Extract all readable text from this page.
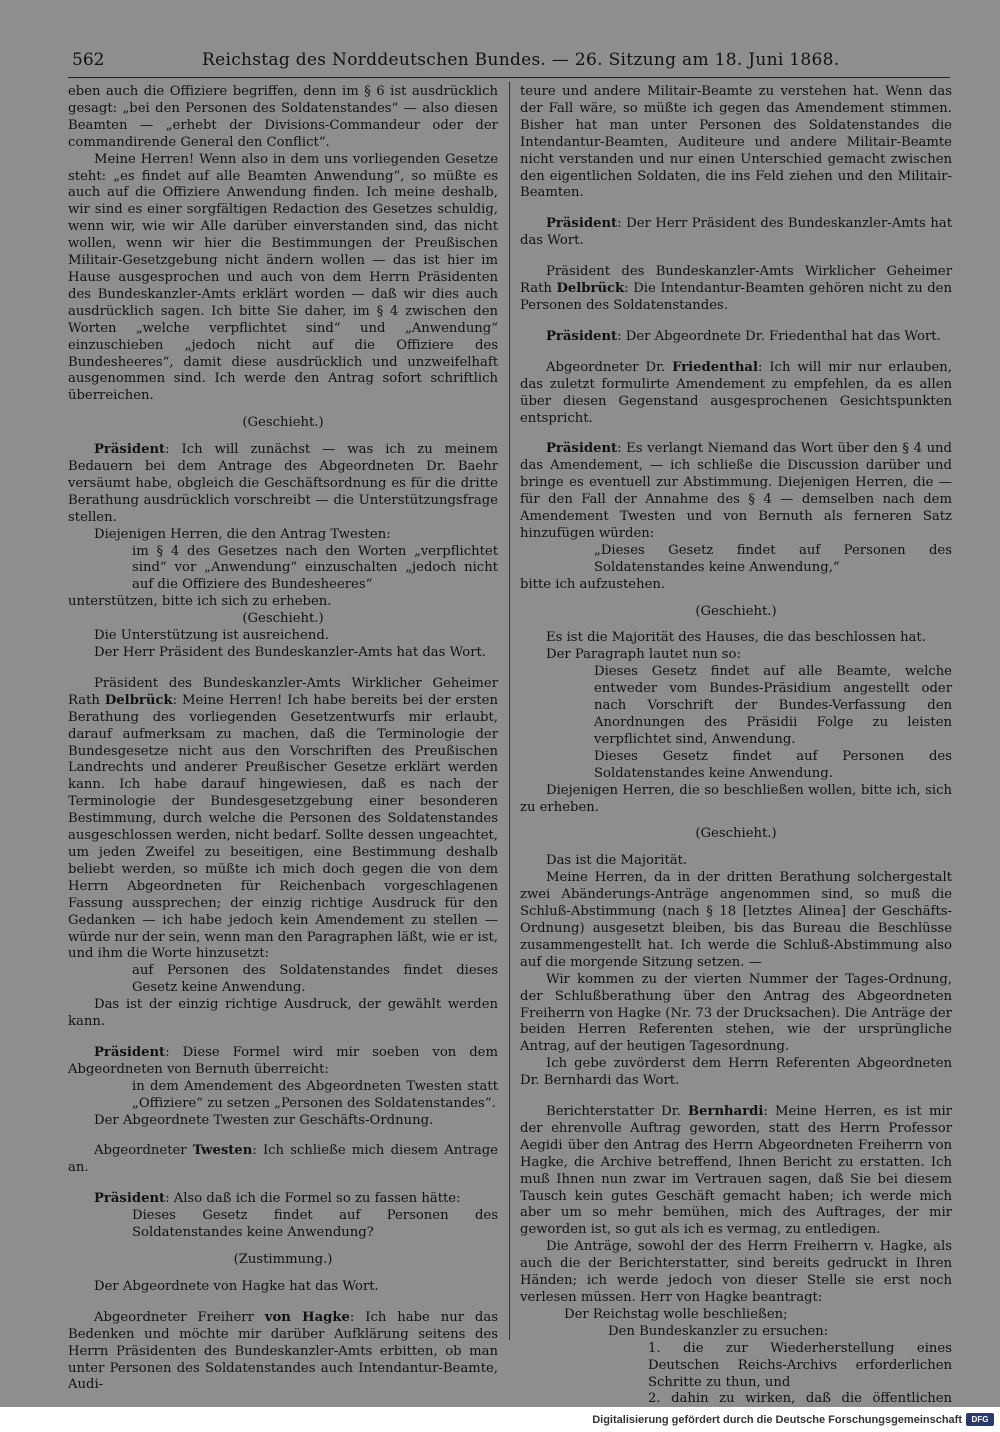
562	Reichstag des Norddeutschen Bundes. — 26. Sitzung am 18. Juni 1868.

eben auch die Offiziere begriffen, denn im § 6 ist ausdrücklich gesagt: „bei den Personen des Soldatenstandes“ — also diesen Beamten — „erhebt der Divisions-Commandeur oder der commandirende General den Conflict“.

Meine Herren! Wenn also in dem uns vorliegenden Gesetze steht: „es findet auf alle Beamten Anwendung“, so müßte es auch auf die Offiziere Anwendung finden. Ich meine deshalb, wir sind es einer sorgfältigen Redaction des Gesetzes schuldig, wenn wir, wie wir Alle darüber einverstanden sind, das nicht wollen, wenn wir hier die Bestimmungen der Preußischen Militair-Gesetzgebung nicht ändern wollen — das ist hier im Hause ausgesprochen und auch von dem Herrn Präsidenten des Bundeskanzler-Amts erklärt worden — daß wir dies auch ausdrücklich sagen. Ich bitte Sie daher, im § 4 zwischen den Worten „welche verpflichtet sind“ und „Anwendung“ einzuschieben „jedoch nicht auf die Offiziere des Bundesheeres“, damit diese ausdrücklich und unzweifelhaft ausgenommen sind. Ich werde den Antrag sofort schriftlich überreichen.

(Geschieht.)

Präsident: Ich will zunächst — was ich zu meinem Bedauern bei dem Antrage des Abgeordneten Dr. Baehr versäumt habe, obgleich die Geschäftsordnung es für die dritte Berathung ausdrücklich vorschreibt — die Unterstützungsfrage stellen.

Diejenigen Herren, die den Antrag Twesten:

im § 4 des Gesetzes nach den Worten „verpflichtet sind“ vor „Anwendung“ einzuschalten „jedoch nicht auf die Offiziere des Bundesheeres“

unterstützen, bitte ich sich zu erheben.

(Geschieht.)

Die Unterstützung ist ausreichend.

Der Herr Präsident des Bundeskanzler-Amts hat das Wort.

Präsident des Bundeskanzler-Amts Wirklicher Geheimer Rath Delbrück: Meine Herren! Ich habe bereits bei der ersten Berathung des vorliegenden Gesetzentwurfs mir erlaubt, darauf aufmerksam zu machen, daß die Terminologie der Bundesgesetze nicht aus den Vorschriften des Preußischen Landrechts und anderer Preußischer Gesetze erklärt werden kann. Ich habe darauf hingewiesen, daß es nach der Terminologie der Bundesgesetzgebung einer besonderen Bestimmung, durch welche die Personen des Soldatenstandes ausgeschlossen werden, nicht bedarf. Sollte dessen ungeachtet, um jeden Zweifel zu beseitigen, eine Bestimmung deshalb beliebt werden, so müßte ich mich doch gegen die von dem Herrn Abgeordneten für Reichenbach vorgeschlagenen Fassung aussprechen; der einzig richtige Ausdruck für den Gedanken — ich habe jedoch kein Amendement zu stellen — würde nur der sein, wenn man den Paragraphen läßt, wie er ist, und ihm die Worte hinzusetzt:

auf Personen des Soldatenstandes findet dieses Gesetz keine Anwendung.

Das ist der einzig richtige Ausdruck, der gewählt werden kann.

Präsident: Diese Formel wird mir soeben von dem Abgeordneten von Bernuth überreicht:

in dem Amendement des Abgeordneten Twesten statt „Offiziere“ zu setzen „Personen des Soldatenstandes“.

Der Abgeordnete Twesten zur Geschäfts-Ordnung.

Abgeordneter Twesten: Ich schließe mich diesem Antrage an.

Präsident: Also daß ich die Formel so zu fassen hätte:

Dieses Gesetz findet auf Personen des Soldatenstandes keine Anwendung?

(Zustimmung.)

Der Abgeordnete von Hagke hat das Wort.

Abgeordneter Freiherr von Hagke: Ich habe nur das Bedenken und möchte mir darüber Aufklärung seitens des Herrn Präsidenten des Bundeskanzler-Amts erbitten, ob man unter Personen des Soldatenstandes auch Intendantur-Beamte, Audi-

teure und andere Militair-Beamte zu verstehen hat. Wenn das der Fall wäre, so müßte ich gegen das Amendement stimmen. Bisher hat man unter Personen des Soldatenstandes die Intendantur-Beamten, Auditeure und andere Militair-Beamte nicht verstanden und nur einen Unterschied gemacht zwischen den eigentlichen Soldaten, die ins Feld ziehen und den Militair-Beamten.

Präsident: Der Herr Präsident des Bundeskanzler-Amts hat das Wort.

Präsident des Bundeskanzler-Amts Wirklicher Geheimer Rath Delbrück: Die Intendantur-Beamten gehören nicht zu den Personen des Soldatenstandes.

Präsident: Der Abgeordnete Dr. Friedenthal hat das Wort.

Abgeordneter Dr. Friedenthal: Ich will mir nur erlauben, das zuletzt formulirte Amendement zu empfehlen, da es allen über diesen Gegenstand ausgesprochenen Gesichtspunkten entspricht.

Präsident: Es verlangt Niemand das Wort über den § 4 und das Amendement, — ich schließe die Discussion darüber und bringe es eventuell zur Abstimmung. Diejenigen Herren, die — für den Fall der Annahme des § 4 — demselben nach dem Amendement Twesten und von Bernuth als ferneren Satz hinzufügen würden:

„Dieses Gesetz findet auf Personen des Soldatenstandes keine Anwendung,“

bitte ich aufzustehen.

(Geschieht.)

Es ist die Majorität des Hauses, die das beschlossen hat.

Der Paragraph lautet nun so:

Dieses Gesetz findet auf alle Beamte, welche entweder vom Bundes-Präsidium angestellt oder nach Vorschrift der Bundes-Verfassung den Anordnungen des Präsidii Folge zu leisten verpflichtet sind, Anwendung.

Dieses Gesetz findet auf Personen des Soldatenstandes keine Anwendung.

Diejenigen Herren, die so beschließen wollen, bitte ich, sich zu erheben.

(Geschieht.)

Das ist die Majorität.

Meine Herren, da in der dritten Berathung solchergestalt zwei Abänderungs-Anträge angenommen sind, so muß die Schluß-Abstimmung (nach § 18 [letztes Alinea] der Geschäfts-Ordnung) ausgesetzt bleiben, bis das Bureau die Beschlüsse zusammengestellt hat. Ich werde die Schluß-Abstimmung also auf die morgende Sitzung setzen. —

Wir kommen zu der vierten Nummer der Tages-Ordnung, der Schlußberathung über den Antrag des Abgeordneten Freiherrn von Hagke (Nr. 73 der Drucksachen). Die Anträge der beiden Herren Referenten stehen, wie der ursprüngliche Antrag, auf der heutigen Tagesordnung.

Ich gebe zuvörderst dem Herrn Referenten Abgeordneten Dr. Bernhardi das Wort.

Berichterstatter Dr. Bernhardi: Meine Herren, es ist mir der ehrenvolle Auftrag geworden, statt des Herrn Professor Aegidi über den Antrag des Herrn Abgeordneten Freiherrn von Hagke, die Archive betreffend, Ihnen Bericht zu erstatten. Ich muß Ihnen nun zwar im Vertrauen sagen, daß Sie bei diesem Tausch kein gutes Geschäft gemacht haben; ich werde mich aber um so mehr bemühen, mich des Auftrages, der mir geworden ist, so gut als ich es vermag, zu entledigen.

Die Anträge, sowohl der des Herrn Freiherrn v. Hagke, als auch die der Berichterstatter, sind bereits gedruckt in Ihren Händen; ich werde jedoch von dieser Stelle sie erst noch verlesen müssen. Herr von Hagke beantragt:

Der Reichstag wolle beschließen;

Den Bundeskanzler zu ersuchen:

1. die zur Wiederherstellung eines Deutschen Reichs-Archivs erforderlichen Schritte zu thun, und
2. dahin zu wirken, daß die öffentlichen
Digitalisierung gefördert durch die Deutsche Forschungsgemeinschaft	DFG
